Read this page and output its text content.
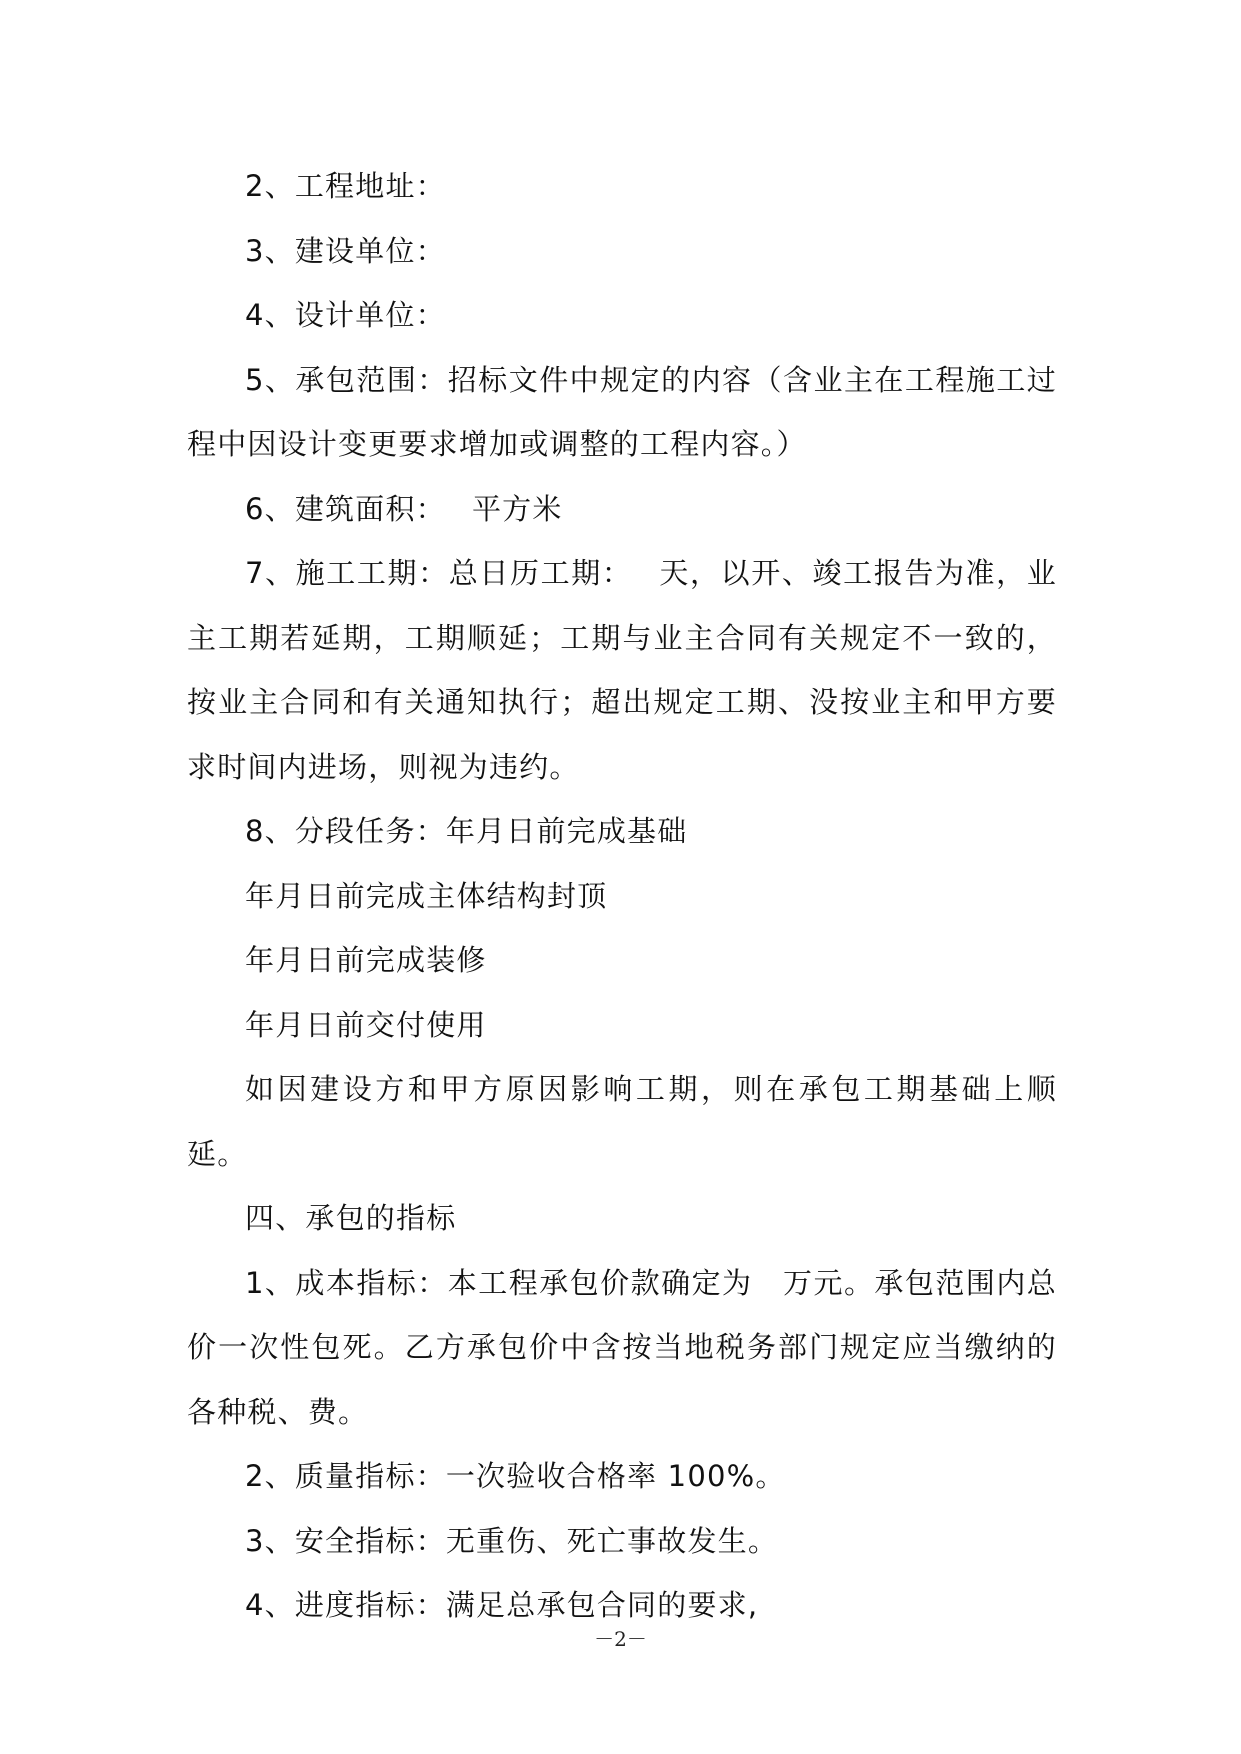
2、工程地址：

3、建设单位：

4、设计单位：

5、承包范围：招标文件中规定的内容（含业主在工程施工过程中因设计变更要求增加或调整的工程内容。）

6、建筑面积：　 平方米

7、施工工期：总日历工期：　 天，以开、竣工报告为准，业主工期若延期，工期顺延；工期与业主合同有关规定不一致的，按业主合同和有关通知执行；超出规定工期、没按业主和甲方要求时间内进场，则视为违约。

8、分段任务：年月日前完成基础

年月日前完成主体结构封顶

年月日前完成装修

年月日前交付使用

如因建设方和甲方原因影响工期，则在承包工期基础上顺延。

四、承包的指标

1、成本指标：本工程承包价款确定为　万元。承包范围内总价一次性包死。乙方承包价中含按当地税务部门规定应当缴纳的各种税、费。

2、质量指标：一次验收合格率 100%。

3、安全指标：无重伤、死亡事故发生。

4、进度指标：满足总承包合同的要求,

－2－
